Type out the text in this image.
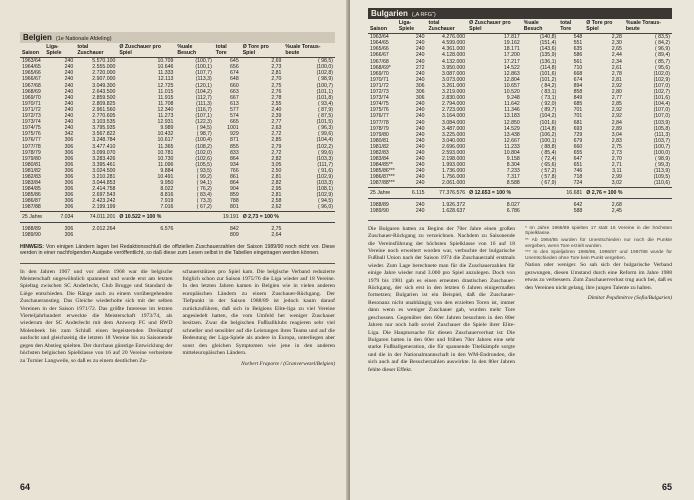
Belgien (1e Nationale Afdeling)
Saison	Liga-Spiele	total Zuschauer	Ø Zuschauer pro Spiel	%uale Besuch	total Tore	Ø Tore pro Spiel	%uale Toraus-beute
1963/64	240	5.570.100	10.709	(100,7)	645	2,69	( 98,5)
1964/65	240	2.555.000	10.646	(100,1)	656	2,73	(100,0)
1965/66	240	2.720.000	11.333	(107,7)	674	2,81	(102,8)
1966/67	240	2.907.000	12.113	(113,3)	648	2,70	( 98,9)
1967/68	240	3.049.300	12.725	(120,1)	660	2,75	(100,7)
1968/69	240	2.643.500	11.015	(104,2)	663	2,76	(101,1)
1969/70	240	2.859.500	11.915	(112,7)	667	2,78	(101,8)
1970/71	240	2.809.825	11.708	(111,3)	613	2,55	( 93,4)
1971/72	240	2.961.560	12.340	(116,7)	577	2,40	( 87,9)
1972/73	240	2.770.605	11.273	(107,1)	574	2,39	( 87,5)
1973/74	240	3.103.535	12.931	(122,3)	665	2,77	(101,5)
1974/75	240	3.795.935	9.989	( 94,5)	1001	2,63	( 96,3)
1975/76	342	3.567.822	10.432	( 98,7)	929	2,72	( 99,6)
1976/77	306	3.248.784	10.617	(100,4)	871	2,85	(104,4)
1977/78	306	3.477.410	11.365	(108,2)	855	2,79	(102,2)
1978/79	306	3.099.070	10.781	(102,0)	833	2,72	( 99,6)
1979/80	306	3.283.426	10.730	(102,6)	864	2,82	(103,3)
1980/81	306	3.395.461	11.096	(105,5)	934	3,05	(111,7)
1981/82	306	3.024.500	9.884	( 93,5)	766	2,50	( 91,6)
1982/83	306	3.210.281	10.491	( 99,2)	861	2,81	(102,9)
1983/84	306	3.044.853	9.950	( 94,1)	864	2,82	(103,3)
1984/85	306	2.414.758	8.022	( 76,2)	904	2,95	(108,1)
1985/86	306	2.697.543	8.816	( 83,4)	859	2,81	(102,9)
1986/87	306	2.423.242	7.919	( 73,3)	788	2,58	( 94,5)
1987/88	306	2.199.199	7.016	( 67,2)	801	2,62	( 96,0)
25 Jahre	7.034	74.011.201	Ø 10.522 = 100 %		19.191	Ø 2,73 = 100 %	
1988/89	306	2.012.264	6.576		842	2,75	
1989/90	306				809	2,64	
HINWEIS: Von einigen Ländern lagen bei Redaktionsschluß die offiziellen Zuschauerzahlen der Saison 1989/90 noch nicht vor. Diese werden in einer nachfolgenden Ausgabe veröffentlicht, so daß diese zum Lesen selbst in die Tabellen eingetragen werden können.

In den Jahren 1967 und vor allem 1968 war die belgische Meisterschaft ungewöhnlich spannend und wurde erst am letzten Spieltag zwischen SC Anderlecht, Club Brugge und Standard de Liège entschieden. Die Ränge auch zu einem vorübergehenden Zuschaueranstieg. Das Gleiche wiederholte sich mit der selben Vereinen in der Saison 1971/72. Das größte Interesse im letzten Vierteljahrhundert erweckte die Meisterschaft 1973/74, als wiederum der SC Anderlecht mit dem Antwerp FC und RWD Molenbeek bis zum Schluß einen begeisternden Dreikampf ausfocht und gleichzeitig die letzten 18 Vereine bis zu Saisonende gegen den Abstieg spielten. Der durchaus günstige Entwicklung der höchsten belgischen Spielklasse von 16 auf 20 Vereine verbreitete zu Turnier Langweile, so daß es zu einem deutlichen Zu-

schauerstützen pro Spiel kam. Die belgische Verband reduzierte folglich schon zur Saison 1975/76 die Liga wieder auf 18 Vereine. In den letzten Jahren kamen in Belgien wie in vielen anderen europäischen Ländern zu einem Zuschauer-Rückgang. Der Tiefpunkt in der Saison 1988/89 ist jedoch kaum darauf zurückzuführen, daß sich in Belgiens Elite-liga zu viel Vereine angesiedelt hatten, die vom Umfeld her weniger Zuschauer besitzen. Zwar die belgischen Fußballklubs reagieren sehr viel schneller und sensibler auf die Leistungen ihres Teams und auf die Bedeutung der Liga-Spiele als andere in Europa, unterliegen aber sonst den gleichen Symptomen wie jene in den anderen mitteleuropäischen Ländern.

Norbert Fraporte / (Granverwezel/Belgien)
64
Bulgarien („A RFG“)
Saison	Liga-Spiele	total Zuschauer	Ø Zuschauer pro Spiel	%uale Besuch	total Tore	Ø Tore pro Spiel	%uale Toraus-beute
1963/64	240	4.276.000	17.817	(140,8)	548	2,28	( 83,5)
1964/65	240	4.599.000	19.162	(151,4)	551	2,30	( 84,2)
1965/66	240	4.361.000	18.171	(143,6)	635	2,65	( 96,9)
1966/67	240	4.128.000	17.200	(135,9)	586	2,44	( 89,4)
1967/68	240	4.132.000	17.217	(136,1)	561	2,34	( 85,7)
1968/69*	272	3.950.000	14.522	(114,8)	710	2,61	( 95,6)
1969/70	240	3.087.000	12.863	(101,6)	668	2,78	(102,0)
1970/71	240	3.073.000	12.804	(101,2)	674	2,81	(102,9)
1971/72	306	3.261.000	10.657	( 84,2)	894	2,92	(107,0)
1972/73	306	3.219.000	10.520	( 83,1)	858	2,80	(102,7)
1973/74	306	2.830.000	9.248	( 73,1)	849	2,77	(101,6)
1974/75	240	2.794.000	11.642	( 92,0)	685	2,85	(104,4)
1975/76	240	2.723.000	11.346	( 89,7)	701	2,92	(107,0)
1976/77	240	3.164.000	13.183	(104,2)	701	2,92	(107,0)
1977/78	240	3.084.000	12.850	(101,6)	681	2,84	(103,9)
1978/79	240	3.487.000	14.529	(114,8)	693	2,89	(105,8)
1979/80	240	3.225.000	13.438	(106,2)	729	3,04	(111,3)
1980/81	240	3.040.000	12.667	(100,1)	679	2,83	(103,7)
1981/82	240	2.696.000	11.233	( 88,8)	660	2,75	(100,7)
1982/83	240	2.593.000	10.804	( 85,4)	655	2,73	(100,0)
1983/84	240	2.198.000	9.158	( 72,4)	647	2,70	( 98,9)
1984/85**	240	1.993.000	8.304	( 65,6)	651	2,71	( 99,3)
1985/86***	240	1.736.000	7.233	( 57,2)	746	3,11	(113,9)
1986/87***	240	1.756.000	7.317	( 57,8)	718	2,99	(109,5)
1987/88***	240	2.061.000	8.588	( 67,9)	724	3,02	(110,6)
25 Jahre	6.115	77.376.576	Ø 12.653 = 100 %		16.681	Ø 2,76 = 100 %	
1988/89	240	1.926.372	8.027		642	2,68	
1989/90	240	1.628.637	6.786		588	2,45	

Die Bulgaren hatten zu Beginn der 70er Jahre einen großen Zuschauer-Rückgang zu verzeichnen. Nachdem zu Saisonende die Vereinsführung der höchsten Spielklasse von 16 auf 18 Vereine noch erweitert worden war, verbuchte der bulgarische Fußball Union nach der Saison 1974 die Zuschauerzahl erstmals wieder. Zum Lage berechnete man für die Zuschauerzahlen für einige Jahre wieder rund 3.000 pro Spiel anzulegen. Doch von 1979 bis 1981 gab es einen erneuten drastischen Zuschauer-Rückgang, der sich erst in den letzten 6 Jahren einigermaßen fortsetzen; Bulgarien ist ein Beispiel, daß die Zuschauer-Resonanz nicht unabhängig von den erzielten Toren ist, immer dann wenn es weniger Zuschauer gab, wurden mehr Tore geschossen. Gegenüber den 60er Jahren besuchten in den 80er Jahren nur noch halb soviel Zuschauer die Spiele ihrer Elite-Liga. Die Hauptursache für diesen Zuschauerverlust ist: Die Bulgaren hatten in den 60er und frühen 70er Jahren eine sehr starke Fußballgeneration, die für spannende Titelkämpfe sorgte und die in der Nationalmannschaft in den WM-Endrunden, die sich auch auf die Besucherzahlen auswirkte. In den 80er Jahren fehlte dieser Effekt.

* Im Jahre 1968/69 spielten 17 statt 16 Vereine in der höchsten Spielklasse.

** Ab 1984/85 wurden für Unentschieden nur noch die Punkte vergeben, wenn Tore erzielt wurden.

*** In den Spieljahren 1985/86, 1986/87 und 1987/88 wurde für Unentschieden ohne Tore kein Punkt vergeben.

Nation oder weniger. So sah sich der bulgarische Verband gezwungen, diesen Umstand durch eine Reform im Jahre 1988 etwas zu verbessern. Zum Zuschauerverlust trug auch bei, daß es den Vereinen nicht gelang, ihre jungen Talente zu halten.

Dimitar Popdimitrov (Sofia/Bulgarien)
65
